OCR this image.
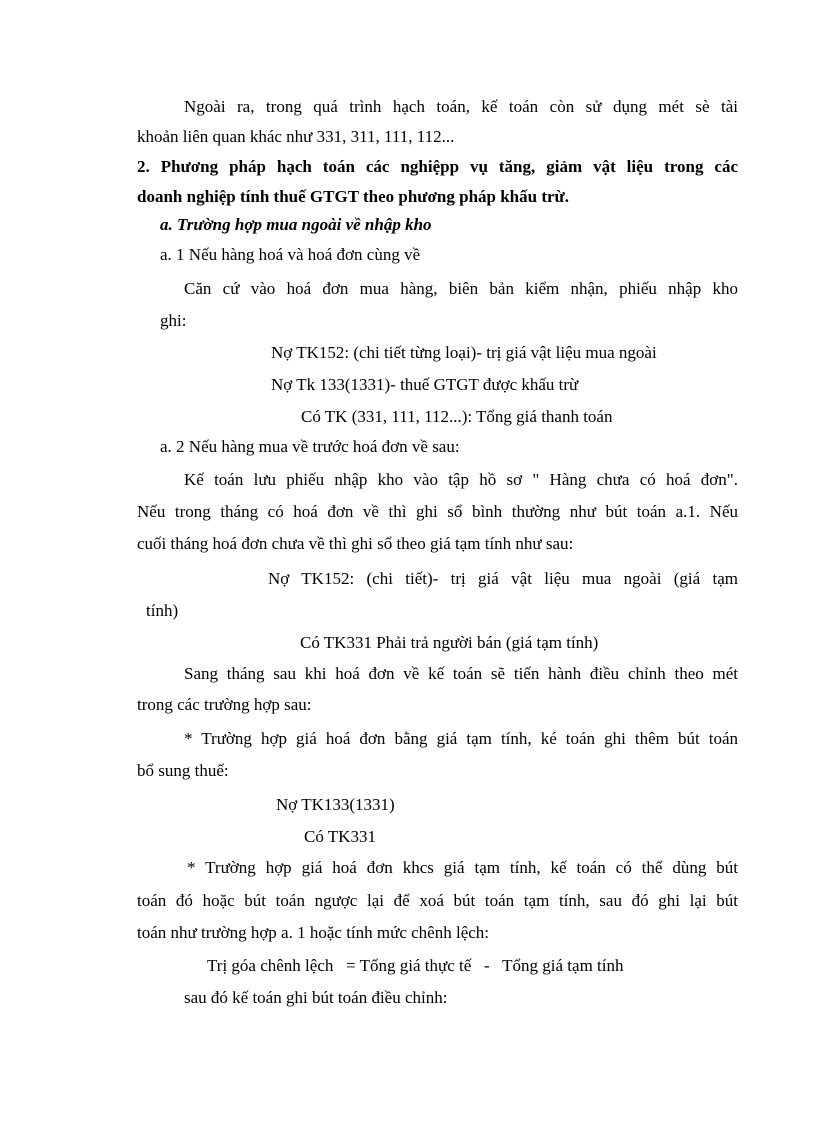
Ngoài ra, trong quá trình hạch toán, kế toán còn sử dụng mét sè tài
khoản liên quan khác như 331, 311, 111, 112...
2. Phương pháp hạch toán các nghiệpp vụ tăng, giảm vật liệu trong các
doanh nghiệp tính thuế GTGT theo phương pháp khấu trừ.
a. Trường hợp mua ngoài về nhập kho
a. 1 Nếu hàng hoá và hoá đơn cùng về
Căn cứ vào hoá đơn mua hàng, biên bản kiểm nhận, phiếu nhập kho
ghi:
Nợ TK152: (chi tiết từng loại)- trị giá vật liệu mua ngoài
Nợ Tk 133(1331)- thuế GTGT được khấu trừ
Có TK (331, 111, 112...): Tổng giá thanh toán
a. 2 Nếu hàng mua về trước hoá đơn về sau:
Kế toán lưu phiếu nhập kho vào tập hồ sơ " Hàng chưa có hoá đơn".
Nếu trong tháng có hoá đơn về thì ghi sổ bình thường như bút toán a.1. Nếu
cuối tháng hoá đơn chưa về thì ghi sổ theo giá tạm tính như sau:
Nợ TK152: (chi tiết)- trị giá vật liệu mua ngoài (giá tạm
tính)
Có TK331 Phải trả người bán (giá tạm tính)
Sang tháng sau khi hoá đơn về kế toán sẽ tiến hành điều chỉnh theo mét
trong các trường hợp sau:
* Trường hợp giá hoá đơn bằng giá tạm tính, ké toán ghi thêm bút toán
bổ sung thuế:
Nợ TK133(1331)
Có TK331
* Trường hợp giá hoá đơn khcs giá tạm tính, kế toán có thể dùng bút
toán đó hoặc bút toán ngược lại để xoá bút toán tạm tính, sau đó ghi lại bút
toán như trường hợp a. 1 hoặc tính mức chênh lệch:
Trị góa chênh lệch   = Tổng giá thực tế   -   Tổng giá tạm tính
sau đó kế toán ghi bút toán điều chỉnh:
